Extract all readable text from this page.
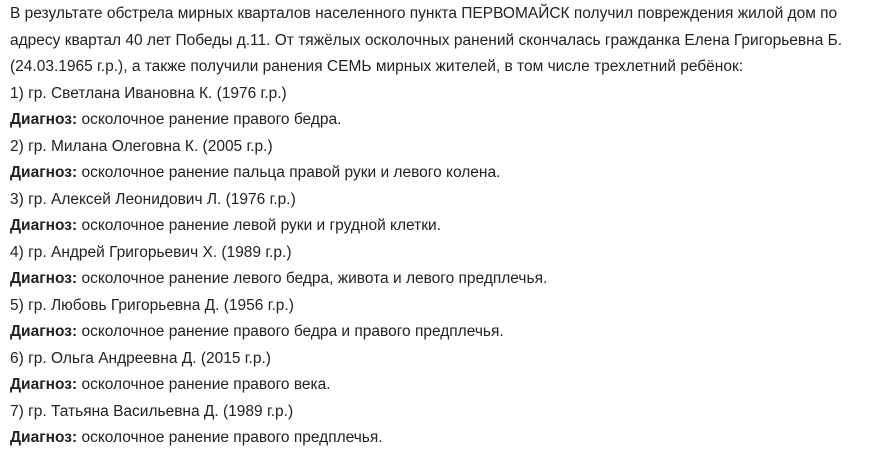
В результате обстрела мирных кварталов населенного пункта ПЕРВОМАЙСК получил повреждения жилой дом по адресу квартал 40 лет Победы д.11. От тяжёлых осколочных ранений скончалась гражданка Елена Григорьевна Б. (24.03.1965 г.р.), а также получили ранения СЕМЬ мирных жителей, в том числе трехлетний ребёнок:

1) гр. Светлана Ивановна К. (1976 г.р.)

Диагноз: осколочное ранение правого бедра.

2) гр. Милана Олеговна К. (2005 г.р.)

Диагноз: осколочное ранение пальца правой руки и левого колена.

3) гр. Алексей Леонидович Л. (1976 г.р.)

Диагноз: осколочное ранение левой руки и грудной клетки.

4) гр. Андрей Григорьевич Х. (1989 г.р.)

Диагноз: осколочное ранение левого бедра, живота и левого предплечья.

5) гр. Любовь Григорьевна Д. (1956 г.р.)

Диагноз: осколочное ранение правого бедра и правого предплечья.

6) гр. Ольга Андреевна Д. (2015 г.р.)

Диагноз: осколочное ранение правого века.

7) гр. Татьяна Васильевна Д. (1989 г.р.)

Диагноз: осколочное ранение правого предплечья.
